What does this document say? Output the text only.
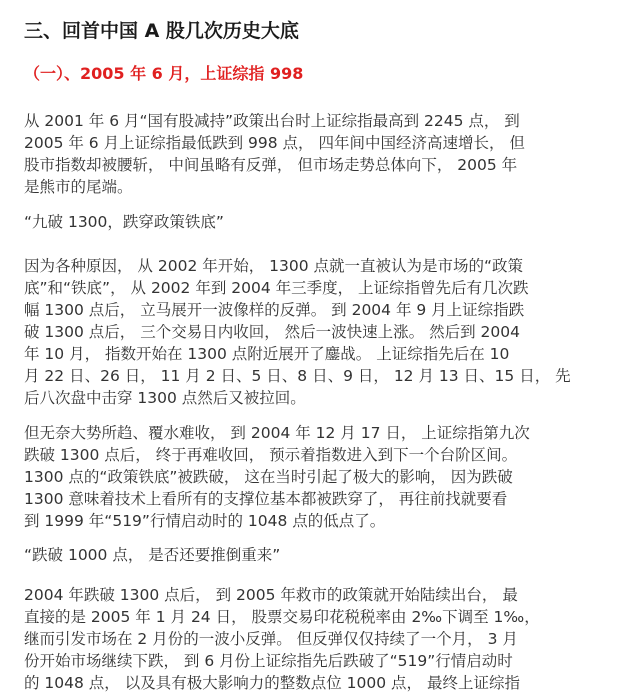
三、回首中国 A 股几次历史大底
（一）、2005 年 6 月，上证综指 998
从 2001 年 6 月“国有股减持”政策出台时上证综指最高到 2245 点， 到
2005 年 6 月上证综指最低跌到 998 点， 四年间中国经济高速增长， 但
股市指数却被腰斩， 中间虽略有反弹， 但市场走势总体向下， 2005 年
是熊市的尾端。
“九破 1300，跌穿政策铁底”
因为各种原因， 从 2002 年开始， 1300 点就一直被认为是市场的“政策
底”和“铁底”， 从 2002 年到 2004 年三季度， 上证综指曾先后有几次跌
幅 1300 点后， 立马展开一波像样的反弹。 到 2004 年 9 月上证综指跌
破 1300 点后， 三个交易日内收回， 然后一波快速上涨。 然后到 2004
年 10 月， 指数开始在 1300 点附近展开了鏖战。 上证综指先后在 10
月 22 日、26 日， 11 月 2 日、5 日、8 日、9 日， 12 月 13 日、15 日， 先
后八次盘中击穿 1300 点然后又被拉回。
但无奈大势所趋、覆水难收， 到 2004 年 12 月 17 日， 上证综指第九次
跌破 1300 点后， 终于再难收回， 预示着指数进入到下一个台阶区间。
1300 点的“政策铁底”被跌破， 这在当时引起了极大的影响， 因为跌破
1300 意味着技术上看所有的支撑位基本都被跌穿了， 再往前找就要看
到 1999 年“519”行情启动时的 1048 点的低点了。
“跌破 1000 点， 是否还要推倒重来”
2004 年跌破 1300 点后， 到 2005 年救市的政策就开始陆续出台， 最
直接的是 2005 年 1 月 24 日， 股票交易印花税税率由 2‰下调至 1‰，
继而引发市场在 2 月份的一波小反弹。 但反弹仅仅持续了一个月， 3 月
份开始市场继续下跌， 到 6 月份上证综指先后跌破了“519”行情启动时
的 1048 点， 以及具有极大影响力的整数点位 1000 点， 最终上证综指
